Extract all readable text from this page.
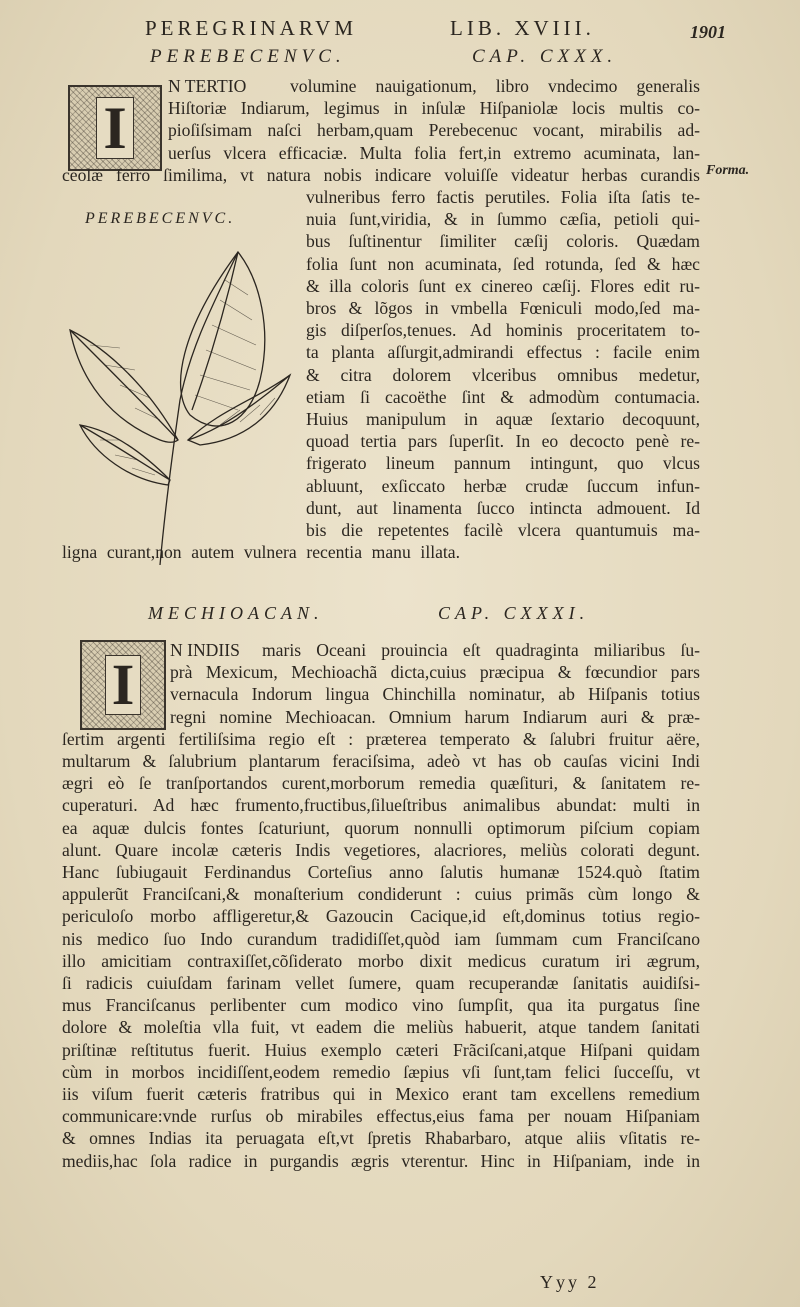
PEREGRINARVM	LIB. XVIII.	1901
PEREBECENVC.	CAP. CXXX.
I
Forma.
PEREBECENVC.
volumine nauigationum, libro vndecimo generalis
Hiſtoriæ Indiarum, legimus in inſulæ Hiſpaniolæ locis multis co-
pioſiſsimam naſci herbam,quam Perebecenuc vocant, mirabilis ad-
uerſus vlcera efficaciæ. Multa folia fert,in extremo acuminata, lan-
ceolæ ferro ſimilima, vt natura nobis indicare voluiſſe videatur herbas curandis
vulneribus ferro factis perutiles. Folia iſta ſatis te-
nuia ſunt,viridia, & in ſummo cæſia, petioli qui-
bus ſuſtinentur ſimiliter cæſij coloris. Quædam
folia ſunt non acuminata, ſed rotunda, ſed & hæc
& illa coloris ſunt ex cinereo cæſij. Flores edit ru-
bros & lõgos in vmbella Fœniculi modo,ſed ma-
gis diſperſos,tenues. Ad hominis proceritatem to-
ta planta aſſurgit,admirandi effectus : facile enim
& citra dolorem vlceribus omnibus medetur,
etiam ſi cacoëthe ſint & admodùm contumacia.
Huius manipulum in aquæ ſextario decoquunt,
quoad tertia pars ſuperſit. In eo decocto penè re-
frigerato lineum pannum intingunt, quo vlcus
abluunt, exſiccato herbæ crudæ ſuccum infun-
dunt, aut linamenta ſucco intincta admouent. Id
bis die repetentes facilè vlcera quantumuis ma-
ligna curant,non autem vulnera recentia manu illata.
MECHIOACAN.	CAP. CXXXI.
I
maris Oceani prouincia eſt quadraginta miliaribus ſu-
prà Mexicum, Mechioachã dicta,cuius præcipua & fœcundior pars
vernacula Indorum lingua Chinchilla nominatur, ab Hiſpanis totius
regni nomine Mechioacan. Omnium harum Indiarum auri & præ-
ſertim argenti fertiliſsima regio eſt : præterea temperato & ſalubri fruitur aëre,
multarum & ſalubrium plantarum feraciſsima, adeò vt has ob cauſas vicini Indi
ægri eò ſe tranſportandos curent,morborum remedia quæſituri, & ſanitatem re-
cuperaturi. Ad hæc frumento,fructibus,ſilueſtribus animalibus abundat: multi in
ea aquæ dulcis fontes ſcaturiunt, quorum nonnulli optimorum piſcium copiam
alunt. Quare incolæ cæteris Indis vegetiores, alacriores, meliùs colorati degunt.
Hanc ſubiugauit Ferdinandus Corteſius anno ſalutis humanæ 1524.quò ſtatim
appulerũt Franciſcani,& monaſterium condiderunt : cuius primãs cùm longo &
periculoſo morbo affligeretur,& Gazoucin Cacique,id eſt,dominus totius regio-
nis medico ſuo Indo curandum tradidiſſet,quòd iam ſummam cum Franciſcano
illo amicitiam contraxiſſet,cõſiderato morbo dixit medicus curatum iri ægrum,
ſi radicis cuiuſdam farinam vellet ſumere, quam recuperandæ ſanitatis auidiſsi-
mus Franciſcanus perlibenter cum modico vino ſumpſit, qua ita purgatus ſine
dolore & moleſtia vlla fuit, vt eadem die meliùs habuerit, atque tandem ſanitati
priſtinæ reſtitutus fuerit. Huius exemplo cæteri Frãciſcani,atque Hiſpani quidam
cùm in morbos incidiſſent,eodem remedio ſæpius vſi ſunt,tam felici ſucceſſu, vt
iis viſum fuerit cæteris fratribus qui in Mexico erant tam excellens remedium
communicare:vnde rurſus ob mirabiles effectus,eius fama per nouam Hiſpaniam
& omnes Indias ita peruagata eſt,vt ſpretis Rhabarbaro, atque aliis vſitatis re-
mediis,hac ſola radice in purgandis ægris vterentur. Hinc in Hiſpaniam, inde in
Yyy 2
N TERTIO
N INDIIS
